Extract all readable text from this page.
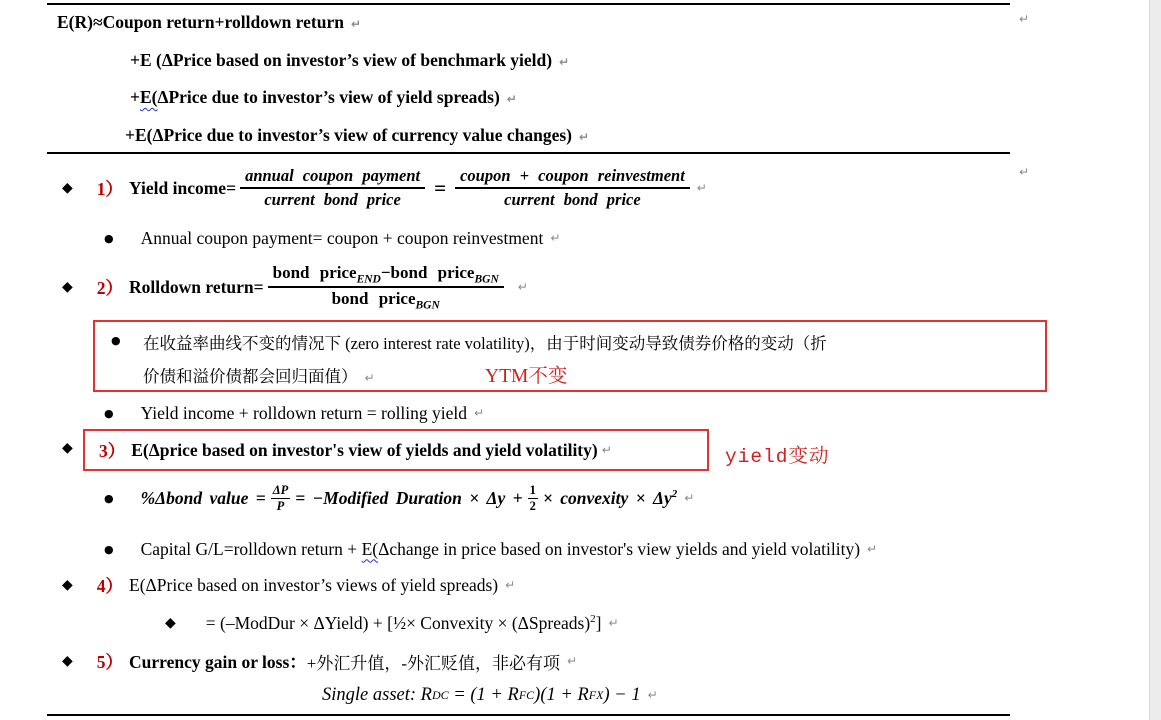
↵
↵
E(R)≈Coupon return+rolldown return ↵
+E (ΔPrice based on investor’s view of benchmark yield) ↵
+E(ΔPrice due to investor’s view of yield spreads) ↵
+E(ΔPrice due to investor’s view of currency value changes) ↵
◆ 1） Yield income= $\frac{\text{annual coupon payment}}{\text{current bond price}} = \frac{\text{coupon + coupon reinvestment}}{\text{current bond price}}$ ↵
● Annual coupon payment= coupon + coupon reinvestment ↵
◆ 2） Rolldown return= $\frac{bond price_{END}-bond price_{BGN}}{bond price_{BGN}}$ ↵
● 在收益率曲线不变的情况下 (zero interest rate volatility)，由于时间变动导致债券价格的变动（折
价债和溢价债都会回归面值） ↵	YTM不变
● Yield income + rolldown return = rolling yield ↵
◆ 3） E(Δprice based on investor's view of yields and yield volatility) ↵	yield变动
● %Δbond value = $\frac{\Delta P}{P}$ = −Modified Duration × $\Delta y + \frac{1}{2}$ × convexity × $\Delta y^2$ ↵
● Capital G/L=rolldown return + E(Δchange in price based on investor's view yields and yield volatility) ↵
◆ 4） E(ΔPrice based on investor’s views of yield spreads) ↵
◆ = (–ModDur × ΔYield) + [½× Convexity × (ΔSpreads)$^2$] ↵
◆ 5） Currency gain or loss： +外汇升值，-外汇贬值，非必有项 ↵
Single asset: R DC = (1 + R FC )(1 + R FX ) − 1 ↵
